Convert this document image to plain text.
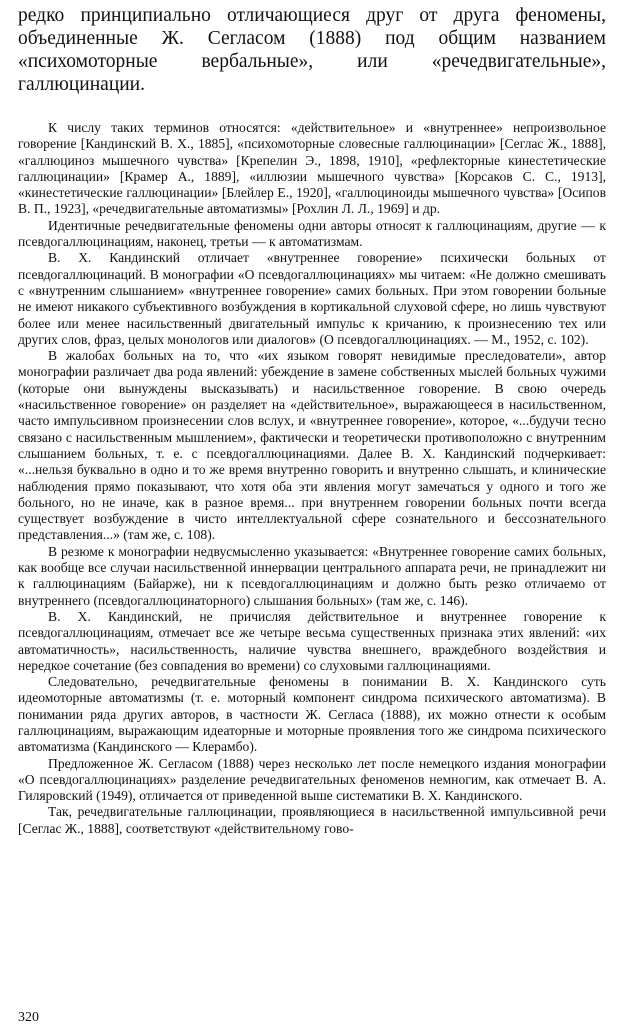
редко принципиально отличающиеся друг от друга феномены, объединенные Ж. Сегласом (1888) под общим названием «психомоторные вербальные», или «речедвигательные», галлюцинации.

К числу таких терминов относятся: «действительное» и «внутреннее» непроизвольное говорение [Кандинский В. Х., 1885], «психомоторные словесные галлюцинации» [Сеглас Ж., 1888], «галлюциноз мышечного чувства» [Крепелин Э., 1898, 1910], «рефлекторные кинестетические галлюцинации» [Крамер А., 1889], «иллюзии мышечного чувства» [Корсаков С. С., 1913], «кинестетические галлюцинации» [Блейлер Е., 1920], «галлюциноиды мышечного чувства» [Осипов В. П., 1923], «речедвигательные автоматизмы» [Рохлин Л. Л., 1969] и др.

Идентичные речедвигательные феномены одни авторы относят к галлюцинациям, другие — к псевдогаллюцинациям, наконец, третьи — к автоматизмам.

В. Х. Кандинский отличает «внутреннее говорение» психически больных от псевдогаллюцинаций. В монографии «О псевдогаллюцинациях» мы читаем: «Не должно смешивать с «внутренним слышанием» «внутреннее говорение» самих больных. При этом говорении больные не имеют никакого субъективного возбуждения в кортикальной слуховой сфере, но лишь чувствуют более или менее насильственный двигательный импульс к кричанию, к произнесению тех или других слов, фраз, целых монологов или диалогов» (О псевдогаллюцинациях. — М., 1952, с. 102).

В жалобах больных на то, что «их языком говорят невидимые преследователи», автор монографии различает два рода явлений: убеждение в замене собственных мыслей больных чужими (которые они вынуждены высказывать) и насильственное говорение. В свою очередь «насильственное говорение» он разделяет на «действительное», выражающееся в насильственном, часто импульсивном произнесении слов вслух, и «внутреннее говорение», которое, «...будучи тесно связано с насильственным мышлением», фактически и теоретически противоположно с внутренним слышанием больных, т. е. с псевдогаллюцинациями. Далее В. Х. Кандинский подчеркивает: «...нельзя буквально в одно и то же время внутренно говорить и внутренно слышать, и клинические наблюдения прямо показывают, что хотя оба эти явления могут замечаться у одного и того же больного, но не иначе, как в разное время... при внутреннем говорении больных почти всегда существует возбуждение в чисто интеллектуальной сфере сознательного и бессознательного представления...» (там же, с. 108).

В резюме к монографии недвусмысленно указывается: «Внутреннее говорение самих больных, как вообще все случаи насильственной иннервации центрального аппарата речи, не принадлежит ни к галлюцинациям (Байарже), ни к псевдогаллюцинациям и должно быть резко отличаемо от внутреннего (псевдогаллюцинаторного) слышания больных» (там же, с. 146).

В. Х. Кандинский, не причисляя действительное и внутреннее говорение к псевдогаллюцинациям, отмечает все же четыре весьма существенных признака этих явлений: «их автоматичность», насильственность, наличие чувства внешнего, враждебного воздействия и нередкое сочетание (без совпадения во времени) со слуховыми галлюцинациями.

Следовательно, речедвигательные феномены в понимании В. Х. Кандинского суть идеомоторные автоматизмы (т. е. моторный компонент синдрома психического автоматизма). В понимании ряда других авторов, в частности Ж. Сегласа (1888), их можно отнести к особым галлюцинациям, выражающим идеаторные и моторные проявления того же синдрома психического автоматизма (Кандинского — Клерамбо).

Предложенное Ж. Сегласом (1888) через несколько лет после немецкого издания монографии «О псевдогаллюцинациях» разделение речедвигательных феноменов немногим, как отмечает В. А. Гиляровский (1949), отличается от приведенной выше систематики В. Х. Кандинского.

Так, речедвигательные галлюцинации, проявляющиеся в насильственной импульсивной речи [Сеглас Ж., 1888], соответствуют «действительному гово-

320
